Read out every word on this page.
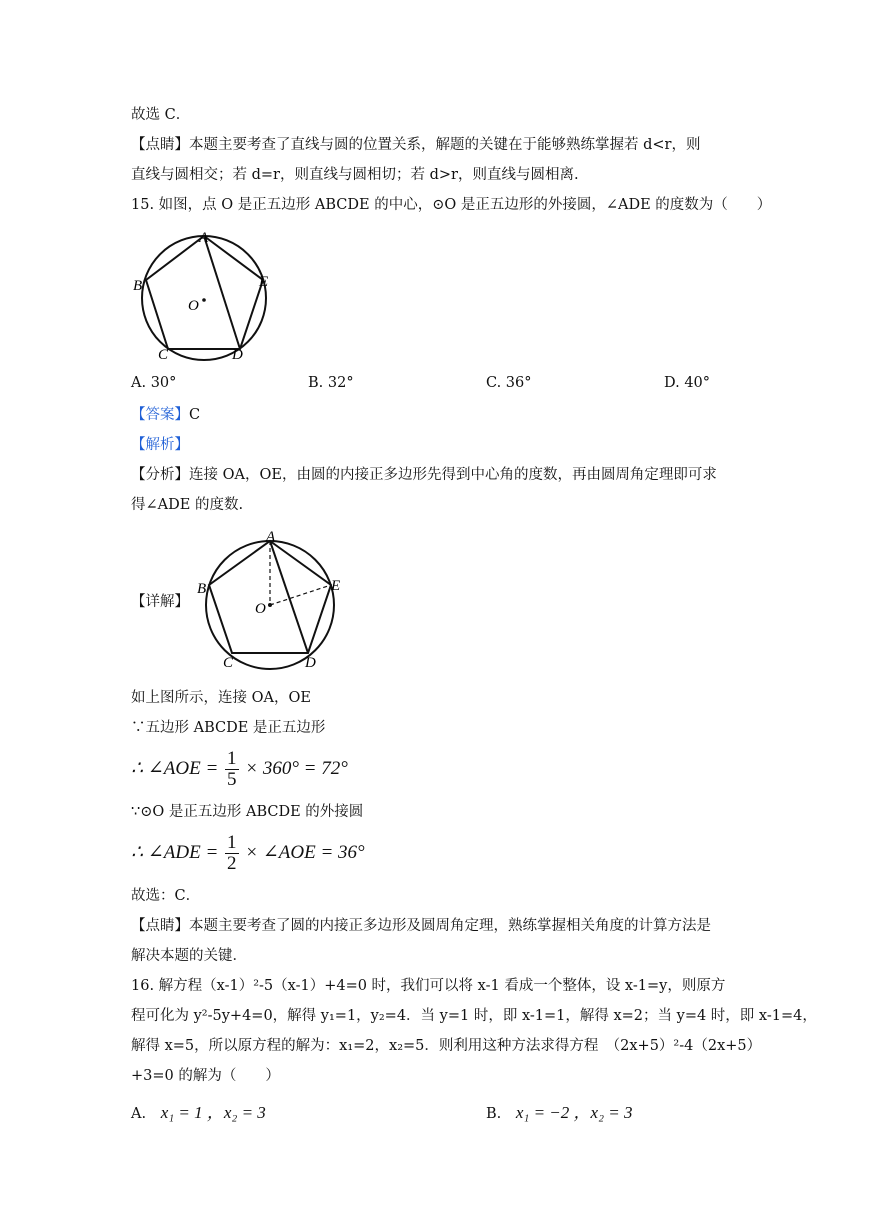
故选 C．
【点睛】本题主要考查了直线与圆的位置关系，解题的关键在于能够熟练掌握若 d<r，则
直线与圆相交；若 d=r，则直线与圆相切；若 d>r，则直线与圆相离.
15. 如图，点 O 是正五边形 ABCDE 的中心，⊙O 是正五边形的外接圆，∠ADE 的度数为（　　）
A
B
C	D
E
O
A. 30°	B. 32°	C. 36°	D. 40°
【答案】C
【解析】
【分析】连接 OA，OE，由圆的内接正多边形先得到中心角的度数，再由圆周角定理即可求
得∠ADE 的度数.
【详解】
A
B
C	D
E
O
如上图所示，连接 OA，OE
∵五边形 ABCDE 是正五边形
∴ ∠AOE = $\frac{1}{5} \times 360^\circ = 72^\circ$
∵⊙O 是正五边形 ABCDE 的外接圆
∴ ∠ADE = $\frac{1}{2}$ × ∠AOE = 36°
故选：C．
【点睛】本题主要考查了圆的内接正多边形及圆周角定理，熟练掌握相关角度的计算方法是
解决本题的关键．
16. 解方程（x-1）²-5（x-1）+4=0 时，我们可以将 x-1 看成一个整体，设 x-1=y，则原方
程可化为 y²-5y+4=0，解得 y₁=1，y₂=4．当 y=1 时，即 x-1=1，解得 x=2；当 y=4 时，即 x-1=4，
解得 x=5，所以原方程的解为：x₁=2，x₂=5．则利用这种方法求得方程　（2x+5）²-4（2x+5）
+3=0 的解为（　　）
A. x₁ = 1 ，x₂ = 3	B. x₁ = −2 ，x₂ = 3
